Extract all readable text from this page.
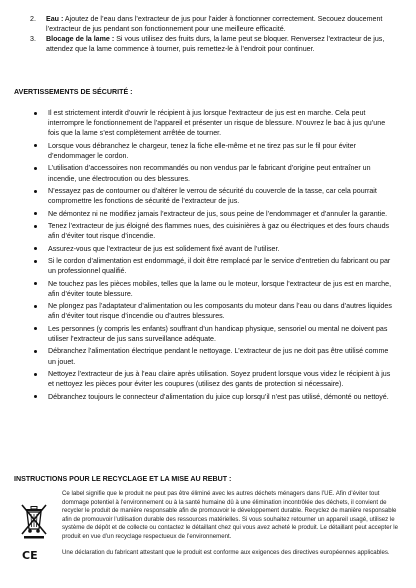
2.	Eau : Ajoutez de l’eau dans l’extracteur de jus pour l’aider à fonctionner correctement. Secouez doucement l’extracteur de jus pendant son fonctionnement pour une meilleure efficacité.
3.	Blocage de la lame : Si vous utilisez des fruits durs, la lame peut se bloquer. Renversez l’extracteur de jus, attendez que la lame commence à tourner, puis remettez-le à l’endroit pour continuer.
AVERTISSEMENTS DE SÉCURITÉ :
Il est strictement interdit d’ouvrir le récipient à jus lorsque l’extracteur de jus est en marche. Cela peut interrompre le fonctionnement de l’appareil et présenter un risque de blessure. N’ouvrez le bac à jus qu’une fois que la lame s’est complètement arrêtée de tourner.
Lorsque vous débranchez le chargeur, tenez la fiche elle-même et ne tirez pas sur le fil pour éviter d’endommager le cordon.
L’utilisation d’accessoires non recommandés ou non vendus par le fabricant d’origine peut entraîner un incendie, une électrocution ou des blessures.
N’essayez pas de contourner ou d’altérer le verrou de sécurité du couvercle de la tasse, car cela pourrait compromettre les fonctions de sécurité de l’extracteur de jus.
Ne démontez ni ne modifiez jamais l’extracteur de jus, sous peine de l’endommager et d’annuler la garantie.
Tenez l’extracteur de jus éloigné des flammes nues, des cuisinières à gaz ou électriques et des fours chauds afin d’éviter tout risque d’incendie.
Assurez-vous que l’extracteur de jus est solidement fixé avant de l’utiliser.
Si le cordon d’alimentation est endommagé, il doit être remplacé par le service d’entretien du fabricant ou par un professionnel qualifié.
Ne touchez pas les pièces mobiles, telles que la lame ou le moteur, lorsque l’extracteur de jus est en marche, afin d’éviter toute blessure.
Ne plongez pas l’adaptateur d’alimentation ou les composants du moteur dans l’eau ou dans d’autres liquides afin d’éviter tout risque d’incendie ou d’autres blessures.
Les personnes (y compris les enfants) souffrant d’un handicap physique, sensoriel ou mental ne doivent pas utiliser l’extracteur de jus sans surveillance adéquate.
Débranchez l’alimentation électrique pendant le nettoyage. L’extracteur de jus ne doit pas être utilisé comme un jouet.
Nettoyez l’extracteur de jus à l’eau claire après utilisation. Soyez prudent lorsque vous videz le récipient à jus et nettoyez les pièces pour éviter les coupures (utilisez des gants de protection si nécessaire).
Débranchez toujours le connecteur d’alimentation du juice cup lorsqu’il n’est pas utilisé, démonté ou nettoyé.
INSTRUCTIONS POUR LE RECYCLAGE ET LA MISE AU REBUT :
Ce label signifie que le produit ne peut pas être éliminé avec les autres déchets ménagers dans l’UE. Afin d’éviter tout dommage potentiel à l’environnement ou à la santé humaine dû à une élimination incontrôlée des déchets, il convient de recycler le produit de manière responsable afin de promouvoir le développement durable. Recyclez de manière responsable afin de promouvoir l’utilisation durable des ressources matérielles. Si vous souhaitez retourner un appareil usagé, utilisez le système de dépôt et de collecte ou contactez le détaillant chez qui vous avez acheté le produit. Le détaillant peut accepter le produit en vue d’un recyclage respectueux de l’environnement.
CE	Une déclaration du fabricant attestant que le produit est conforme aux exigences des directives européennes applicables.
